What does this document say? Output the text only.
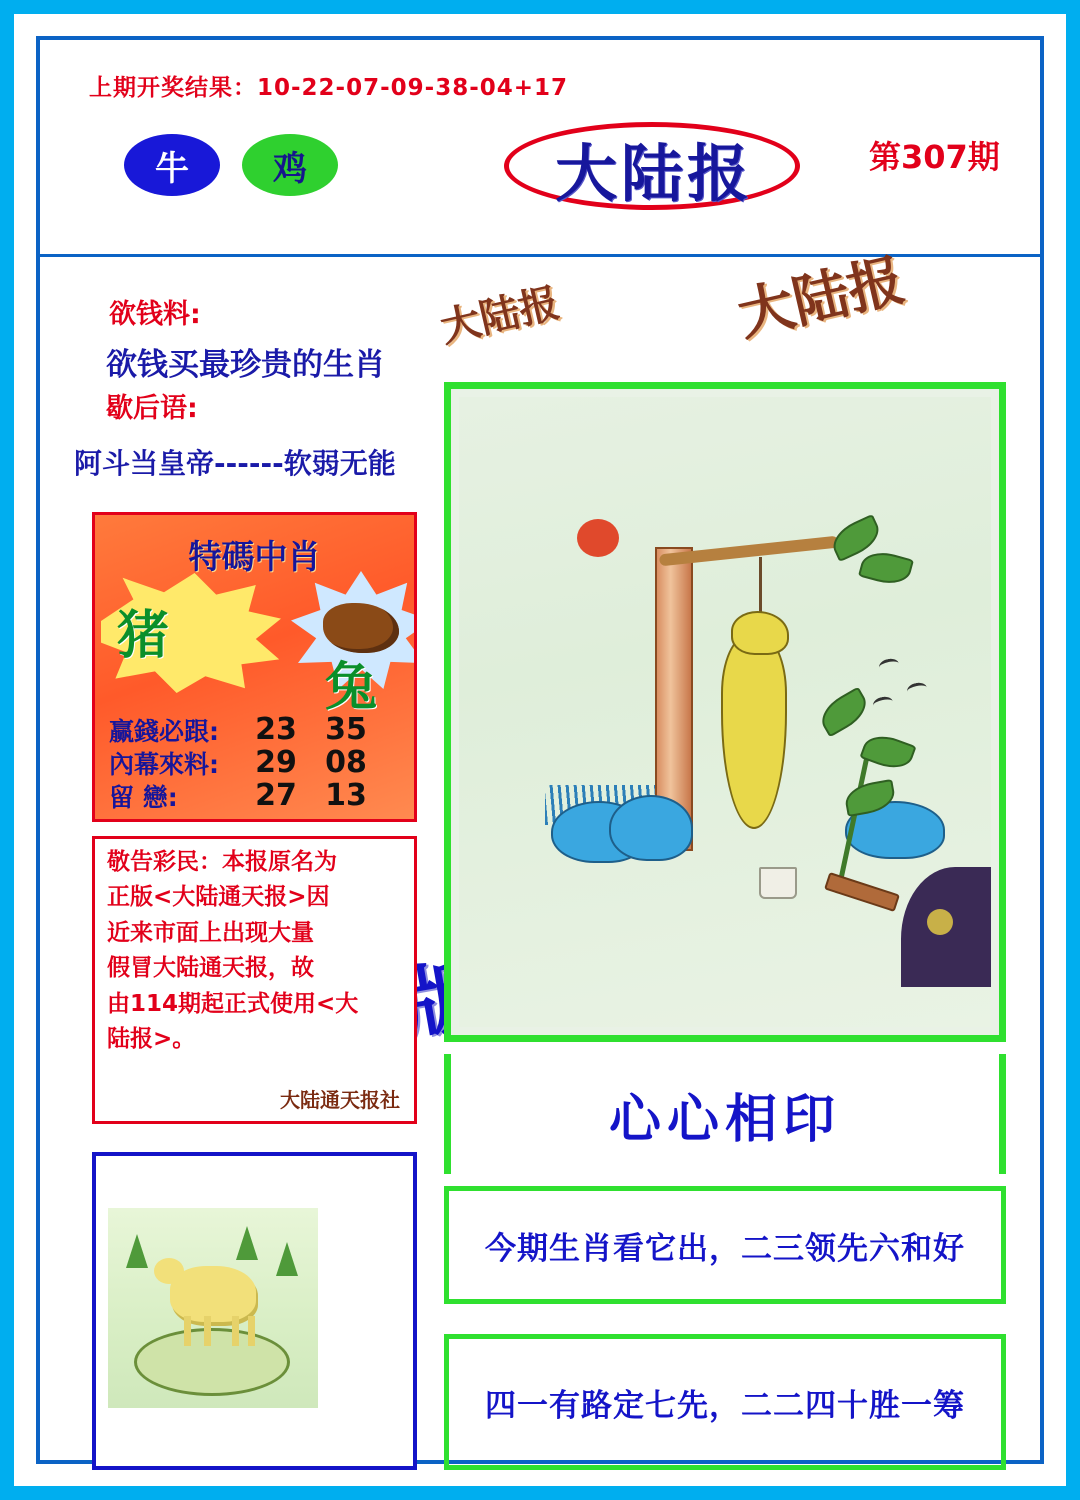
上期开奖结果：10-22-07-09-38-04+17
牛	鸡	大陆报	第307期
欲钱料:
欲钱买最珍贵的生肖
歇后语:
阿斗当皇帝------软弱无能
大陆报	大陆报
特碼中肖
猪
兔
赢錢必跟:	23 35
內幕來料:	29 08
留 戀:	27 13

敬告彩民：本报原名为

正版<大陆通天报>因

近来市面上出现大量

假冒大陆通天报，故

由114期起正式使用<大

陆报>。

大陆通天报社	心心相印
今期生肖看它出，二三领先六和好
四一有路定七先，二二四十胜一筹
